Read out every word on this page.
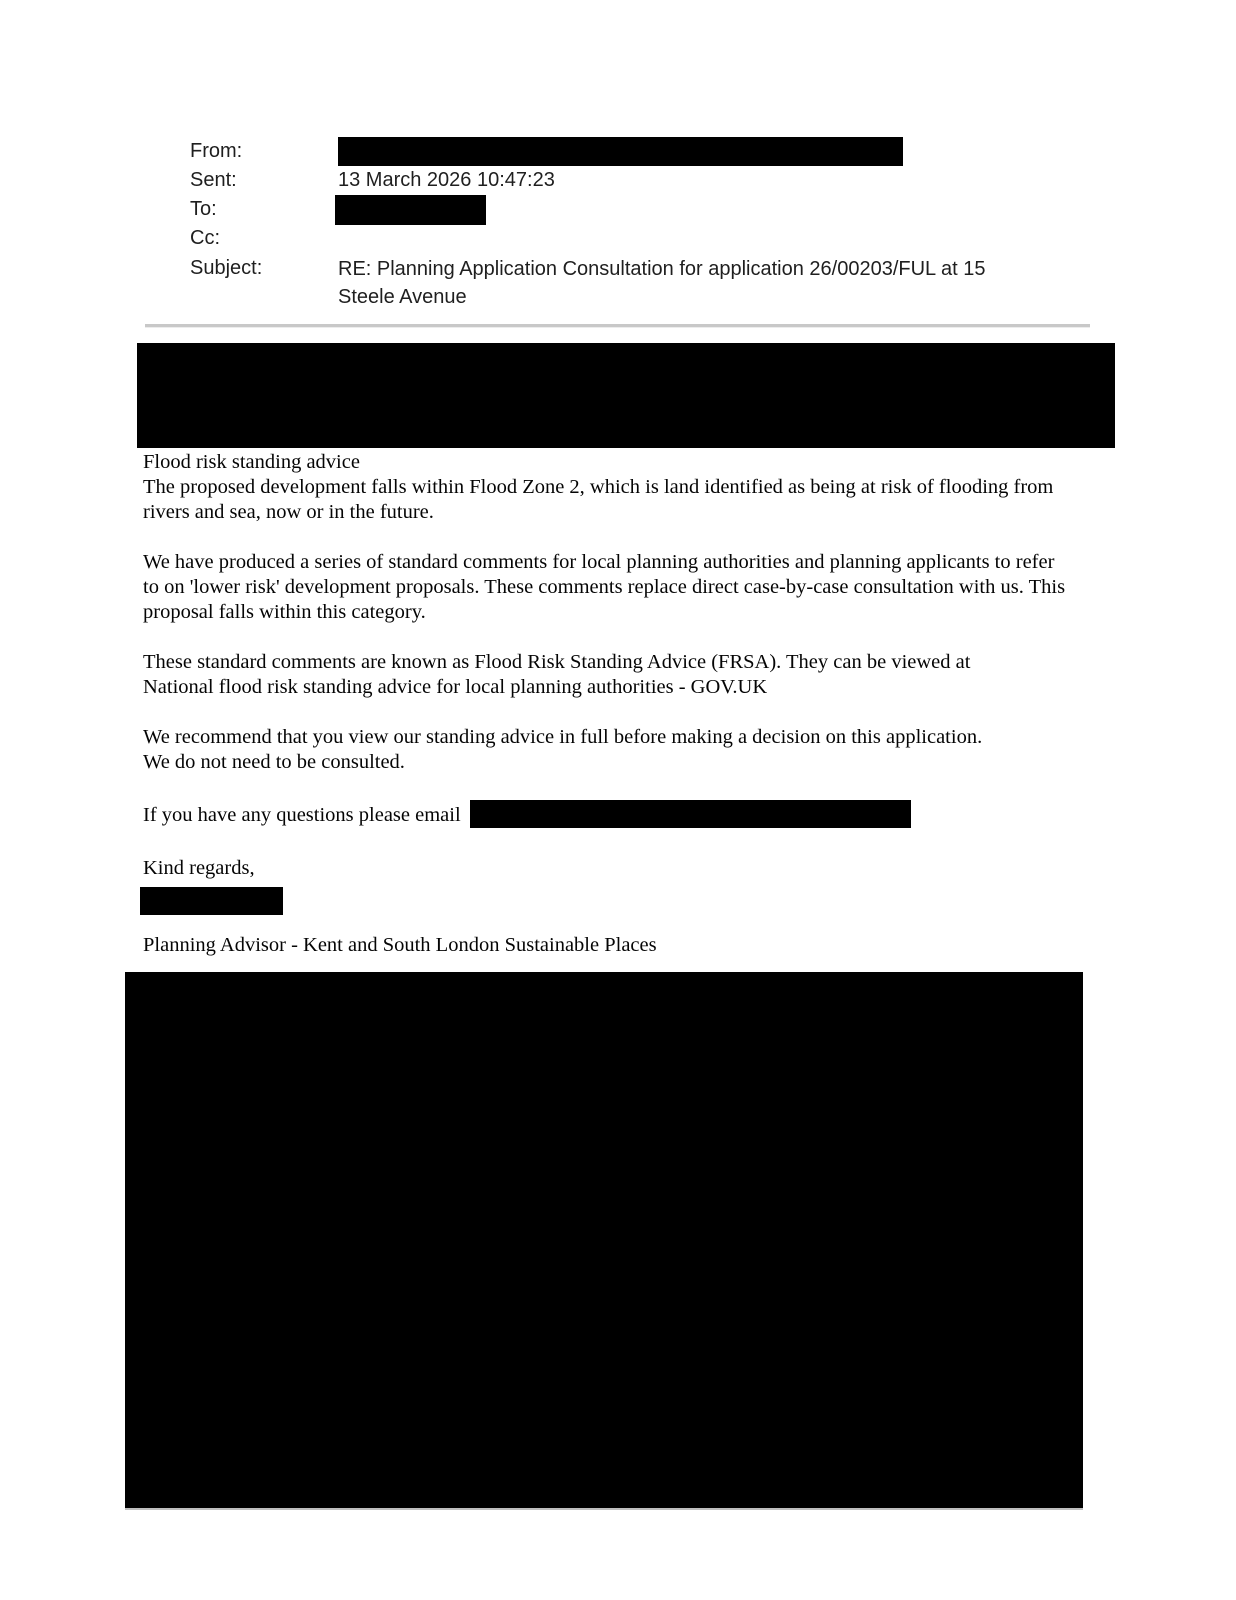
From:
Sent:	13 March 2026 10:47:23
To:
Cc:
Subject:	RE: Planning Application Consultation for application 26/00203/FUL at 15 Steele Avenue

Flood risk standing advice
The proposed development falls within Flood Zone 2, which is land identified as being at risk of flooding from rivers and sea, now or in the future.

We have produced a series of standard comments for local planning authorities and planning applicants to refer to on 'lower risk' development proposals. These comments replace direct case-by-case consultation with us. This proposal falls within this category.

These standard comments are known as Flood Risk Standing Advice (FRSA). They can be viewed at
National flood risk standing advice for local planning authorities - GOV.UK

We recommend that you view our standing advice in full before making a decision on this application.
We do not need to be consulted.

If you have any questions please email

Kind regards,

Planning Advisor - Kent and South London Sustainable Places
